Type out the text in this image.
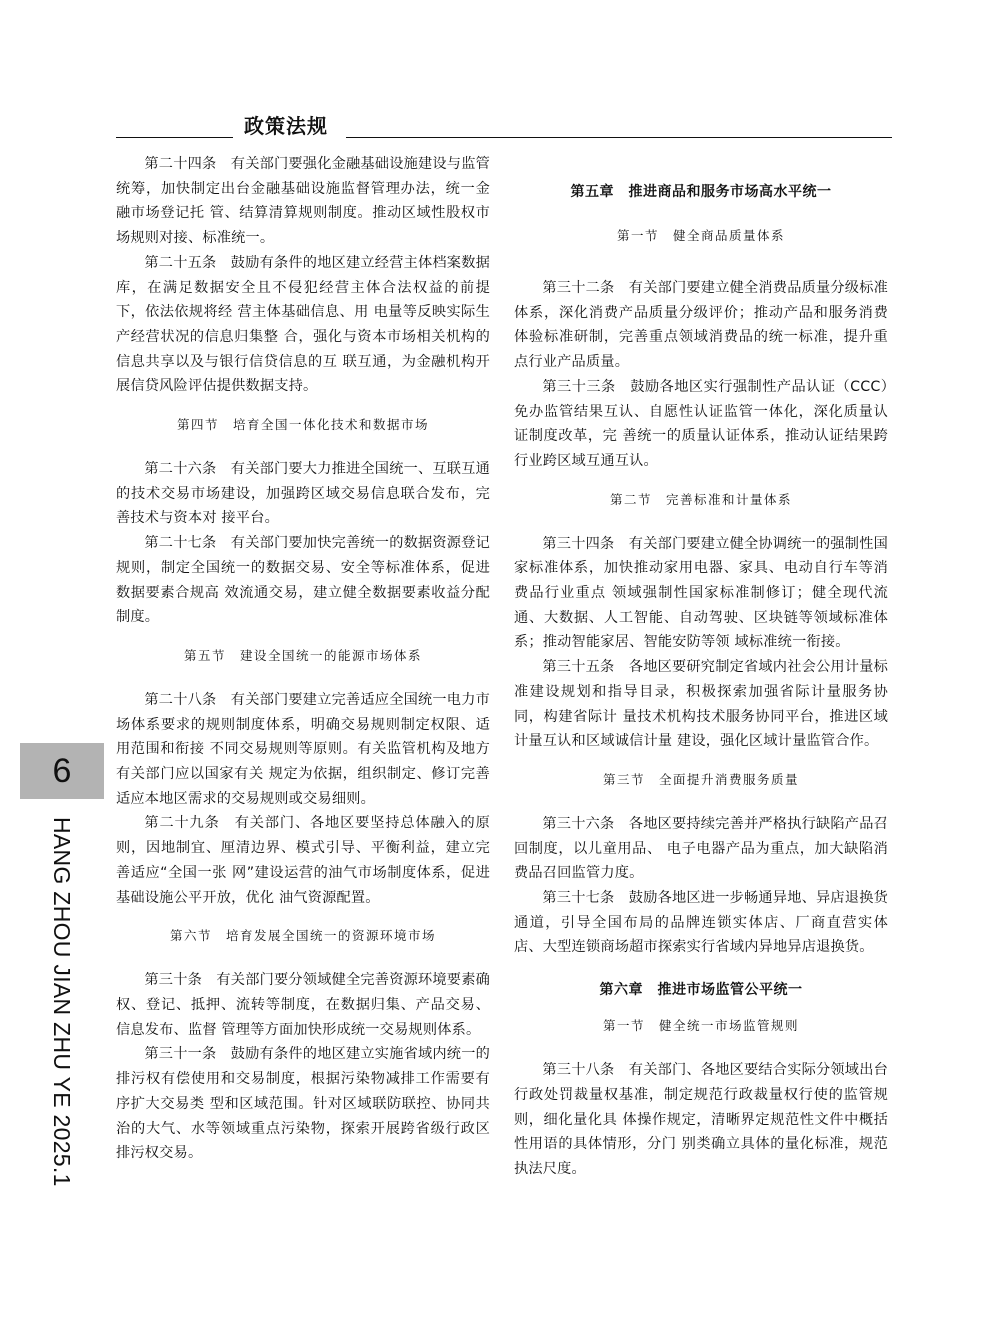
政策法规

第二十四条　有关部门要强化金融基础设施建设与监管统筹，加快制定出台金融基础设施监督管理办法，统一金融市场登记托 管、结算清算规则制度。推动区域性股权市场规则对接、标准统一。

第二十五条　鼓励有条件的地区建立经营主体档案数据库，在满足数据安全且不侵犯经营主体合法权益的前提下，依法依规将经 营主体基础信息、用 电量等反映实际生产经营状况的信息归集整 合，强化与资本市场相关机构的信息共享以及与银行信贷信息的互 联互通，为金融机构开展信贷风险评估提供数据支持。

第四节　培育全国一体化技术和数据市场

第二十六条　有关部门要大力推进全国统一、互联互通的技术交易市场建设，加强跨区域交易信息联合发布，完善技术与资本对 接平台。

第二十七条　有关部门要加快完善统一的数据资源登记规则，制定全国统一的数据交易、安全等标准体系，促进数据要素合规高 效流通交易，建立健全数据要素收益分配制度。

第五节　建设全国统一的能源市场体系

第二十八条　有关部门要建立完善适应全国统一电力市场体系要求的规则制度体系，明确交易规则制定权限、适用范围和衔接 不同交易规则等原则。有关监管机构及地方有关部门应以国家有关 规定为依据，组织制定、修订完善适应本地区需求的交易规则或交易细则。

第二十九条　有关部门、各地区要坚持总体融入的原则，因地制宜、厘清边界、模式引导、平衡利益，建立完善适应“全国一张 网”建设运营的油气市场制度体系，促进基础设施公平开放，优化 油气资源配置。

第六节　培育发展全国统一的资源环境市场

第三十条　有关部门要分领域健全完善资源环境要素确权、登记、抵押、流转等制度，在数据归集、产品交易、信息发布、监督 管理等方面加快形成统一交易规则体系。

第三十一条　鼓励有条件的地区建立实施省域内统一的排污权有偿使用和交易制度，根据污染物减排工作需要有序扩大交易类 型和区域范围。针对区域联防联控、协同共治的大气、水等领域重点污染物，探索开展跨省级行政区排污权交易。

第五章　推进商品和服务市场高水平统一

第一节　健全商品质量体系

第三十二条　有关部门要建立健全消费品质量分级标准体系，深化消费产品质量分级评价；推动产品和服务消费体验标准研制，完善重点领域消费品的统一标准，提升重点行业产品质量。

第三十三条　鼓励各地区实行强制性产品认证（CCC）免办监管结果互认、自愿性认证监管一体化，深化质量认证制度改革，完 善统一的质量认证体系，推动认证结果跨行业跨区域互通互认。

第二节　完善标准和计量体系

第三十四条　有关部门要建立健全协调统一的强制性国家标准体系，加快推动家用电器、家具、电动自行车等消费品行业重点 领域强制性国家标准制修订；健全现代流通、大数据、人工智能、自动驾驶、区块链等领域标准体系；推动智能家居、智能安防等领 域标准统一衔接。

第三十五条　各地区要研究制定省域内社会公用计量标准建设规划和指导目录，积极探索加强省际计量服务协同，构建省际计 量技术机构技术服务协同平台，推进区域计量互认和区域诚信计量 建设，强化区域计量监管合作。

第三节　全面提升消费服务质量

第三十六条　各地区要持续完善并严格执行缺陷产品召回制度，以儿童用品、 电子电器产品为重点，加大缺陷消费品召回监管力度。

第三十七条　鼓励各地区进一步畅通异地、异店退换货通道，引导全国布局的品牌连锁实体店、厂商直营实体店、大型连锁商场超市探索实行省域内异地异店退换货。

第六章　推进市场监管公平统一

第一节　健全统一市场监管规则

第三十八条　有关部门、各地区要结合实际分领域出台行政处罚裁量权基准，制定规范行政裁量权行使的监管规则，细化量化具 体操作规定，清晰界定规范性文件中概括性用语的具体情形，分门 别类确立具体的量化标准，规范执法尺度。

6
HANG ZHOU JIAN ZHU YE 2025.1
